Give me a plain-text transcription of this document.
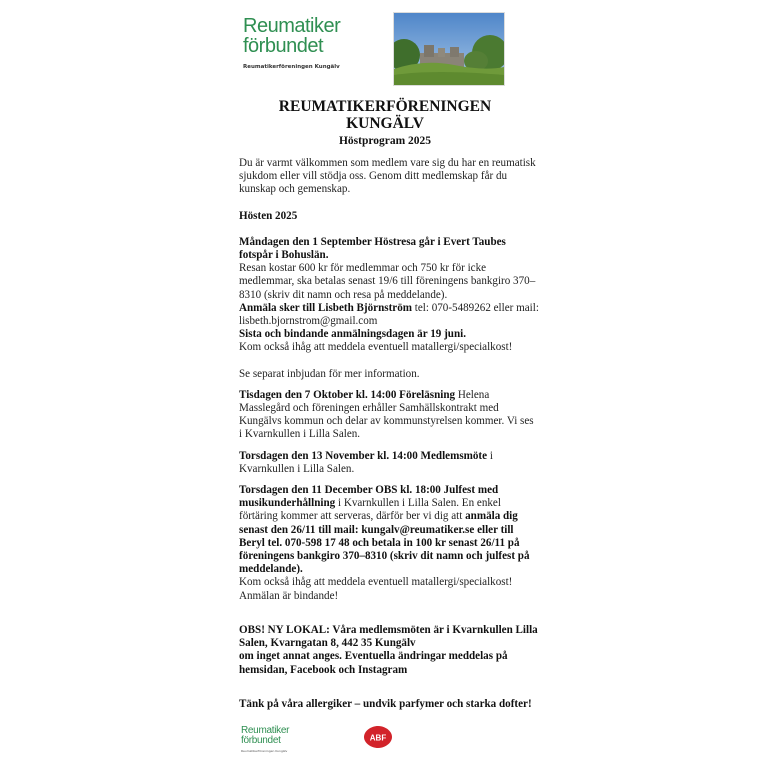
Reumatiker
förbundet
Reumatikerföreningen Kungälv
REUMATIKERFÖRENINGEN
KUNGÄLV
Höstprogram 2025

Du är varmt välkommen som medlem vare sig du har en reumatisk sjukdom eller vill stödja oss. Genom ditt medlemskap får du kunskap och gemenskap.

Hösten 2025

Måndagen den 1 September Höstresa går i Evert Taubes fotspår i Bohuslän.

Resan kostar 600 kr för medlemmar och 750 kr för icke medlemmar, ska betalas senast 19/6 till föreningens bankgiro 370–8310 (skriv dit namn och resa på meddelande).

Anmäla sker till Lisbeth Björnström tel: 070-5489262 eller mail: lisbeth.bjornstrom@gmail.com

Sista och bindande anmälningsdagen är 19 juni.

Kom också ihåg att meddela eventuell matallergi/specialkost!

Se separat inbjudan för mer information.

Tisdagen den 7 Oktober kl. 14:00 Föreläsning Helena Masslegård och föreningen erhåller Samhällskontrakt med Kungälvs kommun och delar av kommunstyrelsen kommer. Vi ses i Kvarnkullen i Lilla Salen.

Torsdagen den 13 November kl. 14:00 Medlemsmöte i Kvarnkullen i Lilla Salen.

Torsdagen den 11 December OBS kl. 18:00 Julfest med musikunderhållning i Kvarnkullen i Lilla Salen. En enkel förtäring kommer att serveras, därför ber vi dig att anmäla dig senast den 26/11 till mail: kungalv@reumatiker.se eller till Beryl tel. 070-598 17 48 och betala in 100 kr senast 26/11 på föreningens bankgiro 370–8310 (skriv dit namn och julfest på meddelande).

Kom också ihåg att meddela eventuell matallergi/specialkost! Anmälan är bindande!

OBS! NY LOKAL: Våra medlemsmöten är i Kvarnkullen Lilla Salen, Kvarngatan 8, 442 35 Kungälv

om inget annat anges. Eventuella ändringar meddelas på hemsidan, Facebook och Instagram

Tänk på våra allergiker – undvik parfymer och starka dofter!

Reumatiker
förbundet
Reumatikerföreningen Kungälv
ABF
